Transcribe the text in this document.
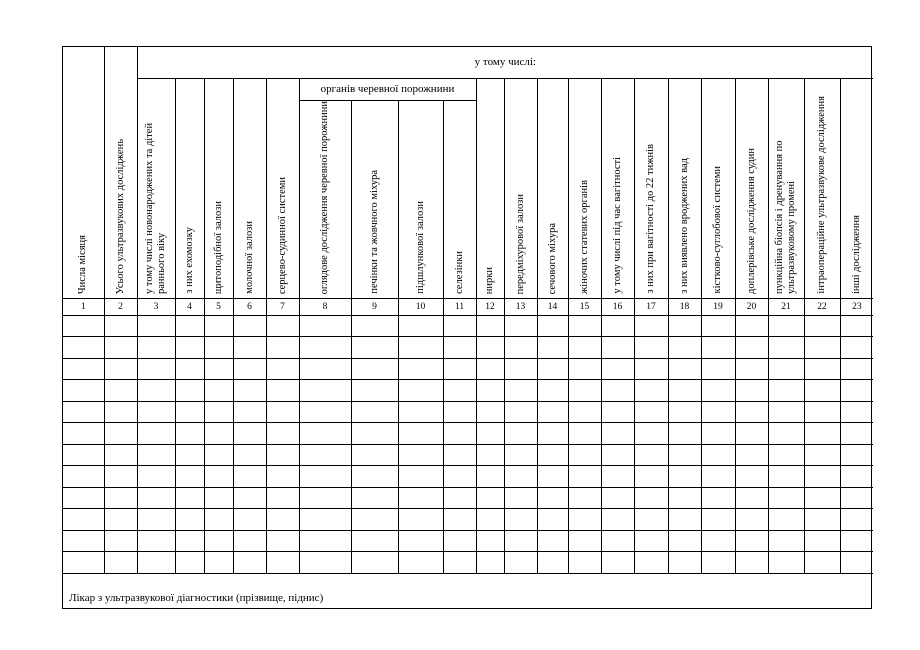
Числа місяця	Усього ультразвукових досліджень	у тому числі:																				

		у тому числі новонароджених та дітей раннього віку	з них ехомозку	щитоподібної залози	молочної залози	серцево-судинної системи	органів черевної порожнини				нирки	передміхурової залози	сечового міхура	жіночих статевих органів	у тому числі під час вагітності	з них при вагітності до 22 тижнів	з них виявлено вроджених вад	кістково-суглобової системи	доплерівське дослідження судин	пункційна біопсія і дренування по ультразвуковому промені	інтраопераційне ультразвукове дослідження	інші дослідження

							оглядове дослідження черевної порожнини	печінки та жовчного міхура	підшлункової залози	селезінки												

1	2	3	4	5	6	7	8	9	10	11	12	13	14	15	16	17	18	19	20	21	22	23

Лікар з ультразвукової діагностики (прізвище, піднис)
